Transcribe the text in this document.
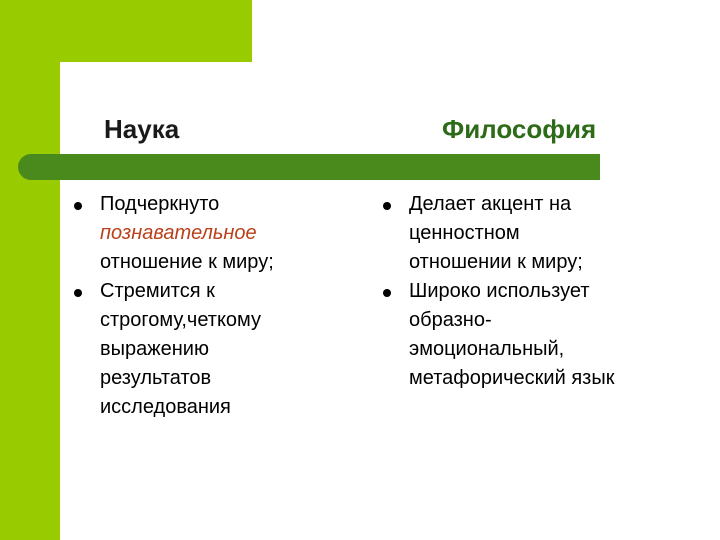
Наука	Философия
Подчеркнуто
познавательное
отношение к миру;
Стремится к
строгому,четкому
выражению
результатов
исследования
Делает акцент на
ценностном
отношении к миру;
Широко использует
образно-
эмоциональный,
метафорический язык
